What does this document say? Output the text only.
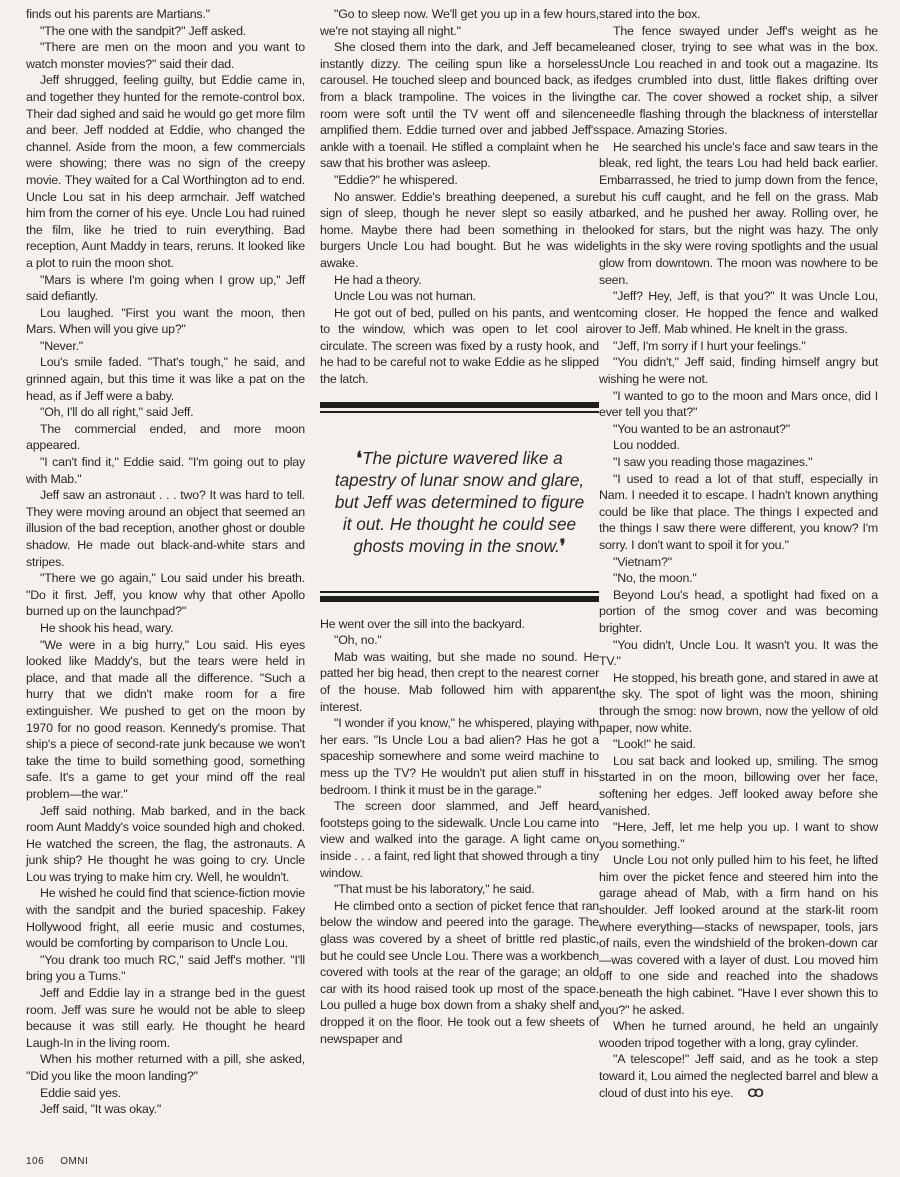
finds out his parents are Martians."

"The one with the sandpit?" Jeff asked.

"There are men on the moon and you want to watch monster movies?" said their dad.

Jeff shrugged, feeling guilty, but Eddie came in, and together they hunted for the remote-control box. Their dad sighed and said he would go get more film and beer. Jeff nodded at Eddie, who changed the channel. Aside from the moon, a few commercials were showing; there was no sign of the creepy movie. They waited for a Cal Worthington ad to end. Uncle Lou sat in his deep armchair. Jeff watched him from the corner of his eye. Uncle Lou had ruined the film, like he tried to ruin everything. Bad reception, Aunt Maddy in tears, reruns. It looked like a plot to ruin the moon shot.

"Mars is where I'm going when I grow up," Jeff said defiantly.

Lou laughed. "First you want the moon, then Mars. When will you give up?"

"Never."

Lou's smile faded. "That's tough," he said, and grinned again, but this time it was like a pat on the head, as if Jeff were a baby.

"Oh, I'll do all right," said Jeff.

The commercial ended, and more moon appeared.

"I can't find it," Eddie said. "I'm going out to play with Mab."

Jeff saw an astronaut . . . two? It was hard to tell. They were moving around an object that seemed an illusion of the bad reception, another ghost or double shadow. He made out black-and-white stars and stripes.

"There we go again," Lou said under his breath. "Do it first. Jeff, you know why that other Apollo burned up on the launchpad?"

He shook his head, wary.

"We were in a big hurry," Lou said. His eyes looked like Maddy's, but the tears were held in place, and that made all the difference. "Such a hurry that we didn't make room for a fire extinguisher. We pushed to get on the moon by 1970 for no good reason. Kennedy's promise. That ship's a piece of second-rate junk because we won't take the time to build something good, something safe. It's a game to get your mind off the real problem—the war."

Jeff said nothing. Mab barked, and in the back room Aunt Maddy's voice sounded high and choked. He watched the screen, the flag, the astronauts. A junk ship? He thought he was going to cry. Uncle Lou was trying to make him cry. Well, he wouldn't.

He wished he could find that science-fiction movie with the sandpit and the buried spaceship. Fakey Hollywood fright, all eerie music and costumes, would be comforting by comparison to Uncle Lou.

"You drank too much RC," said Jeff's mother. "I'll bring you a Tums."

Jeff and Eddie lay in a strange bed in the guest room. Jeff was sure he would not be able to sleep because it was still early. He thought he heard Laugh-In in the living room.

When his mother returned with a pill, she asked, "Did you like the moon landing?"

Eddie said yes.

Jeff said, "It was okay."

"Go to sleep now. We'll get you up in a few hours, we're not staying all night."

She closed them into the dark, and Jeff became instantly dizzy. The ceiling spun like a horseless carousel. He touched sleep and bounced back, as if from a black trampoline. The voices in the living room were soft until the TV went off and silence amplified them. Eddie turned over and jabbed Jeff's ankle with a toenail. He stifled a complaint when he saw that his brother was asleep.

"Eddie?" he whispered.

No answer. Eddie's breathing deepened, a sure sign of sleep, though he never slept so easily at home. Maybe there had been something in the burgers Uncle Lou had bought. But he was wide awake.

He had a theory.

Uncle Lou was not human.

He got out of bed, pulled on his pants, and went to the window, which was open to let cool air circulate. The screen was fixed by a rusty hook, and he had to be careful not to wake Eddie as he slipped the latch.

❛The picture wavered like a tapestry of lunar snow and glare, but Jeff was determined to figure it out. He thought he could see ghosts moving in the snow.❜

He went over the sill into the backyard.

"Oh, no."

Mab was waiting, but she made no sound. He patted her big head, then crept to the nearest corner of the house. Mab followed him with apparent interest.

"I wonder if you know," he whispered, playing with her ears. "Is Uncle Lou a bad alien? Has he got a spaceship somewhere and some weird machine to mess up the TV? He wouldn't put alien stuff in his bedroom. I think it must be in the garage."

The screen door slammed, and Jeff heard footsteps going to the sidewalk. Uncle Lou came into view and walked into the garage. A light came on inside . . . a faint, red light that showed through a tiny window.

"That must be his laboratory," he said.

He climbed onto a section of picket fence that ran below the window and peered into the garage. The glass was covered by a sheet of brittle red plastic, but he could see Uncle Lou. There was a workbench covered with tools at the rear of the garage; an old car with its hood raised took up most of the space. Lou pulled a huge box down from a shaky shelf and dropped it on the floor. He took out a few sheets of newspaper and

stared into the box.

The fence swayed under Jeff's weight as he leaned closer, trying to see what was in the box. Uncle Lou reached in and took out a magazine. Its edges crumbled into dust, little flakes drifting over the car. The cover showed a rocket ship, a silver needle flashing through the blackness of interstellar space. Amazing Stories.

He searched his uncle's face and saw tears in the bleak, red light, the tears Lou had held back earlier. Embarrassed, he tried to jump down from the fence, but his cuff caught, and he fell on the grass. Mab barked, and he pushed her away. Rolling over, he looked for stars, but the night was hazy. The only lights in the sky were roving spotlights and the usual glow from downtown. The moon was nowhere to be seen.

"Jeff? Hey, Jeff, is that you?" It was Uncle Lou, coming closer. He hopped the fence and walked over to Jeff. Mab whined. He knelt in the grass.

"Jeff, I'm sorry if I hurt your feelings."

"You didn't," Jeff said, finding himself angry but wishing he were not.

"I wanted to go to the moon and Mars once, did I ever tell you that?"

"You wanted to be an astronaut?"

Lou nodded.

"I saw you reading those magazines."

"I used to read a lot of that stuff, especially in Nam. I needed it to escape. I hadn't known anything could be like that place. The things I expected and the things I saw there were different, you know? I'm sorry. I don't want to spoil it for you."

"Vietnam?"

"No, the moon."

Beyond Lou's head, a spotlight had fixed on a portion of the smog cover and was becoming brighter.

"You didn't, Uncle Lou. It wasn't you. It was the TV."

He stopped, his breath gone, and stared in awe at the sky. The spot of light was the moon, shining through the smog: now brown, now the yellow of old paper, now white.

"Look!" he said.

Lou sat back and looked up, smiling. The smog started in on the moon, billowing over her face, softening her edges. Jeff looked away before she vanished.

"Here, Jeff, let me help you up. I want to show you something."

Uncle Lou not only pulled him to his feet, he lifted him over the picket fence and steered him into the garage ahead of Mab, with a firm hand on his shoulder. Jeff looked around at the stark-lit room where everything—stacks of newspaper, tools, jars of nails, even the windshield of the broken-down car—was covered with a layer of dust. Lou moved him off to one side and reached into the shadows beneath the high cabinet. "Have I ever shown this to you?" he asked.

When he turned around, he held an ungainly wooden tripod together with a long, gray cylinder.

"A telescope!" Jeff said, and as he took a step toward it, Lou aimed the neglected barrel and blew a cloud of dust into his eye. OO

106 OMNI
